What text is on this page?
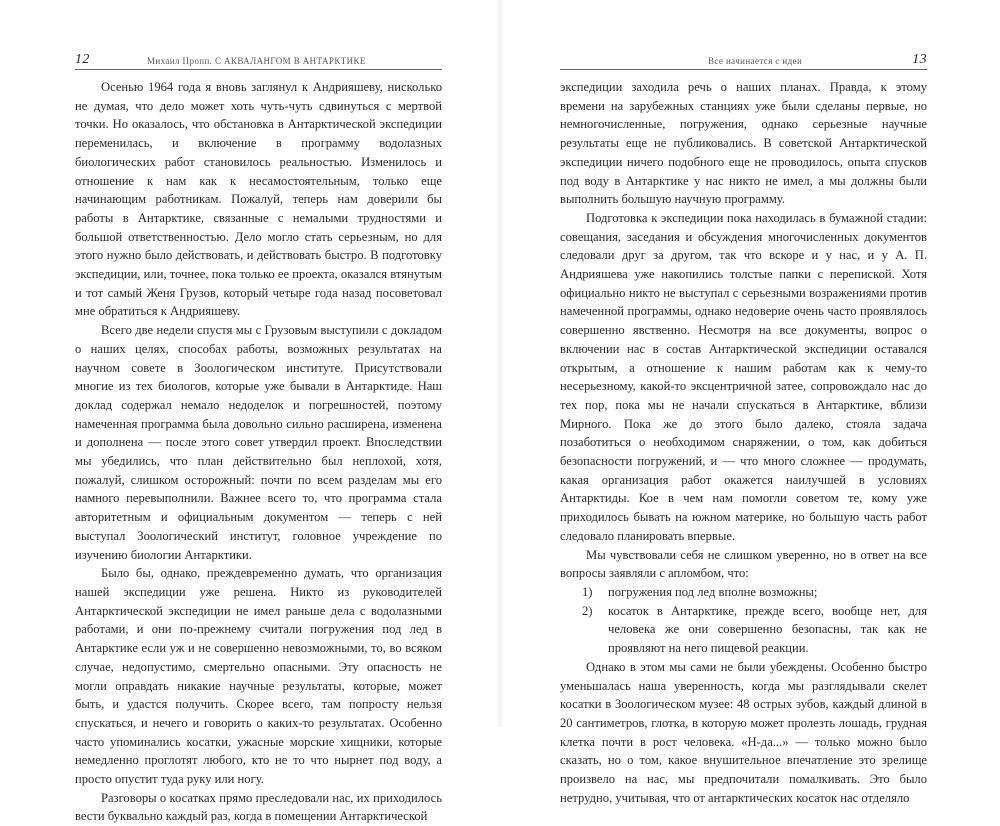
12	Михаил Пропп. С АКВАЛАНГОМ В АНТАРКТИКЕ

Осенью 1964 года я вновь заглянул к Андрияшеву, нисколько не думая, что дело может хоть чуть-чуть сдвинуться с мертвой точки. Но оказалось, что обстановка в Антарктической экспедиции переменилась, и включение в программу водолазных биологических работ становилось реальностью. Изменилось и отношение к нам как к несамостоятельным, только еще начинающим работникам. Пожалуй, теперь нам доверили бы работы в Антарктике, связанные с немалыми трудностями и большой ответственностью. Дело могло стать серьезным, но для этого нужно было действовать, и действовать быстро. В подготовку экспедиции, или, точнее, пока только ее проекта, оказался втянутым и тот самый Женя Грузов, который четыре года назад посоветовал мне обратиться к Андрияшеву.

Всего две недели спустя мы с Грузовым выступили с докладом о наших целях, способах работы, возможных результатах на научном совете в Зоологическом институте. Присутствовали многие из тех биологов, которые уже бывали в Антарктиде. Наш доклад содержал немало недоделок и погрешностей, поэтому намеченная программа была довольно сильно расширена, изменена и дополнена — после этого совет утвердил проект. Впоследствии мы убедились, что план действительно был неплохой, хотя, пожалуй, слишком осторожный: почти по всем разделам мы его намного перевыполнили. Важнее всего то, что программа стала авторитетным и официальным документом — теперь с ней выступал Зоологический институт, головное учреждение по изучению биологии Антарктики.

Было бы, однако, преждевременно думать, что организация нашей экспедиции уже решена. Никто из руководителей Антарктической экспедиции не имел раньше дела с водолазными работами, и они по-прежнему считали погружения под лед в Антарктике если уж и не совершенно невозможными, то, во всяком случае, недопустимо, смертельно опасными. Эту опасность не могли оправдать никакие научные результаты, которые, может быть, и удастся получить. Скорее всего, там попросту нельзя спускаться, и нечего и говорить о каких-то результатах. Особенно часто упоминались косатки, ужасные морские хищники, которые немедленно проглотят любого, кто не то что нырнет под воду, а просто опустит туда руку или ногу.

Разговоры о косатках прямо преследовали нас, их приходилось вести буквально каждый раз, когда в помещении Антарктической

Все начинается с идеи	13

экспедиции заходила речь о наших планах. Правда, к этому времени на зарубежных станциях уже были сделаны первые, но немногочисленные, погружения, однако серьезные научные результаты еще не публиковались. В советской Антарктической экспедиции ничего подобного еще не проводилось, опыта спусков под воду в Антарктике у нас никто не имел, а мы должны были выполнить большую научную программу.

Подготовка к экспедиции пока находилась в бумажной стадии: совещания, заседания и обсуждения многочисленных документов следовали друг за другом, так что вскоре и у нас, и у А. П. Андрияшева уже накопились толстые папки с перепиской. Хотя официально никто не выступал с серьезными возражениями против намеченной программы, однако недоверие очень часто проявлялось совершенно явственно. Несмотря на все документы, вопрос о включении нас в состав Антарктической экспедиции оставался открытым, а отношение к нашим работам как к чему-то несерьезному, какой-то эксцентричной затее, сопровождало нас до тех пор, пока мы не начали спускаться в Антарктике, вблизи Мирного. Пока же до этого было далеко, стояла задача позаботиться о необходимом снаряжении, о том, как добиться безопасности погружений, и — что много сложнее — продумать, какая организация работ окажется наилучшей в условиях Антарктиды. Кое в чем нам помогли советом те, кому уже приходилось бывать на южном материке, но большую часть работ следовало планировать впервые.

Мы чувствовали себя не слишком уверенно, но в ответ на все вопросы заявляли с апломбом, что:

1) погружения под лед вполне возможны;

2) косаток в Антарктике, прежде всего, вообще нет, для человека же они совершенно безопасны, так как не проявляют на него пищевой реакции.

Однако в этом мы сами не были убеждены. Особенно быстро уменьшалась наша уверенность, когда мы разглядывали скелет косатки в Зоологическом музее: 48 острых зубов, каждый длиной в 20 сантиметров, глотка, в которую может пролезть лошадь, грудная клетка почти в рост человека. «Н-да...» — только можно было сказать, но о том, какое внушительное впечатление это зрелище произвело на нас, мы предпочитали помалкивать. Это было нетрудно, учитывая, что от антарктических косаток нас отделяло
